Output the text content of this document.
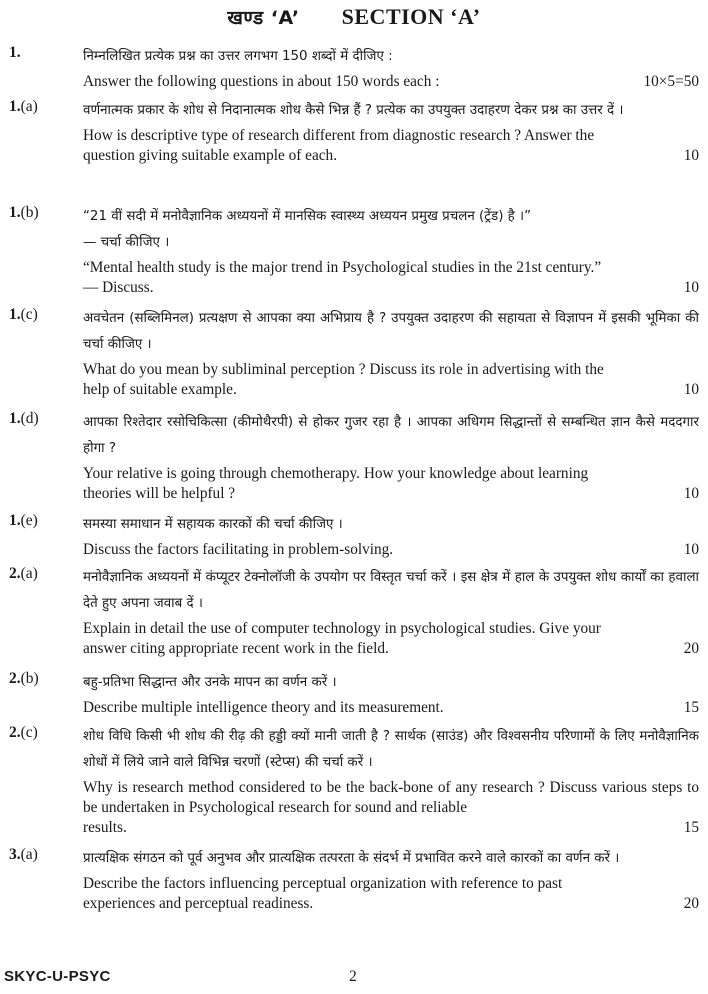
खण्ड ‘A’ SECTION ‘A’
1.	निम्नलिखित प्रत्येक प्रश्न का उत्तर लगभग 150 शब्दों में दीजिए :
Answer the following questions in about 150 words each :	10×5=50
1.(a)	वर्णनात्मक प्रकार के शोध से निदानात्मक शोध कैसे भिन्न हैं ? प्रत्येक का उपयुक्त उदाहरण देकर प्रश्न का उत्तर दें ।
How is descriptive type of research different from diagnostic research ? Answer the
question giving suitable example of each.	10
1.(b)	“21 वीं सदी में मनोवैज्ञानिक अध्ययनों में मानसिक स्वास्थ्य अध्ययन प्रमुख प्रचलन (ट्रेंड) है ।”
— चर्चा कीजिए ।
“Mental health study is the major trend in Psychological studies in the 21st century.”
— Discuss.	10
1.(c)	अवचेतन (सब्लिमिनल) प्रत्यक्षण से आपका क्या अभिप्राय है ? उपयुक्त उदाहरण की सहायता से विज्ञापन में इसकी भूमिका की चर्चा कीजिए ।
What do you mean by subliminal perception ? Discuss its role in advertising with the
help of suitable example.	10
1.(d)	आपका रिश्तेदार रसोचिकित्सा (कीमोथैरपी) से होकर गुजर रहा है । आपका अधिगम सिद्धान्तों से सम्बन्धित ज्ञान कैसे मददगार होगा ?
Your relative is going through chemotherapy. How your knowledge about learning
theories will be helpful ?	10
1.(e)	समस्या समाधान में सहायक कारकों की चर्चा कीजिए ।
Discuss the factors facilitating in problem-solving.	10
2.(a)	मनोवैज्ञानिक अध्ययनों में कंप्यूटर टेक्नोलॉजी के उपयोग पर विस्तृत चर्चा करें । इस क्षेत्र में हाल के उपयुक्त शोध कार्यों का हवाला देते हुए अपना जवाब दें ।
Explain in detail the use of computer technology in psychological studies. Give your
answer citing appropriate recent work in the field.	20
2.(b)	बहु-प्रतिभा सिद्धान्त और उनके मापन का वर्णन करें ।
Describe multiple intelligence theory and its measurement.	15
2.(c)	शोध विधि किसी भी शोध की रीढ़ की हड्डी क्यों मानी जाती है ? सार्थक (साउंड) और विश्वसनीय परिणामों के लिए मनोवैज्ञानिक शोधों में लिये जाने वाले विभिन्न चरणों (स्टेप्स) की चर्चा करें ।
Why is research method considered to be the back-bone of any research ? Discuss various steps to be undertaken in Psychological research for sound and reliable
results.	15
3.(a)	प्रात्यक्षिक संगठन को पूर्व अनुभव और प्रात्यक्षिक तत्परता के संदर्भ में प्रभावित करने वाले कारकों का वर्णन करें ।
Describe the factors influencing perceptual organization with reference to past
experiences and perceptual readiness.	20
SKYC-U-PSYC	2
